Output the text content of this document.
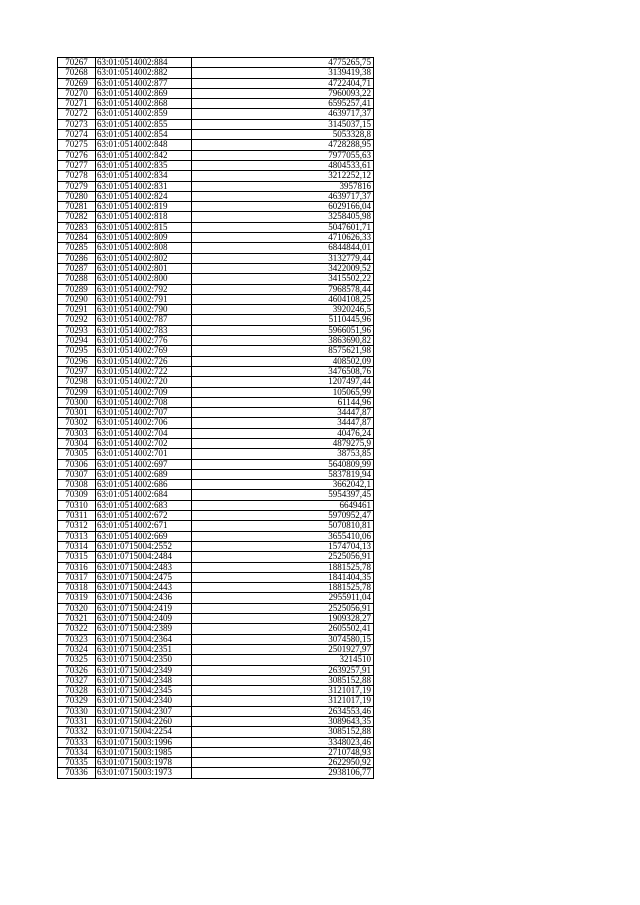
70267	63:01:0514002:884	4775265,75
70268	63:01:0514002:882	3139419,38
70269	63:01:0514002:877	4722404,71
70270	63:01:0514002:869	7960093,22
70271	63:01:0514002:868	6595257,41
70272	63:01:0514002:859	4639717,37
70273	63:01:0514002:855	3145037,15
70274	63:01:0514002:854	5053328,8
70275	63:01:0514002:848	4728288,95
70276	63:01:0514002:842	7977055,63
70277	63:01:0514002:835	4804533,61
70278	63:01:0514002:834	3212252,12
70279	63:01:0514002:831	3957816
70280	63:01:0514002:824	4639717,37
70281	63:01:0514002:819	6029166,04
70282	63:01:0514002:818	3258405,98
70283	63:01:0514002:815	5047601,71
70284	63:01:0514002:809	4710626,33
70285	63:01:0514002:808	6844844,01
70286	63:01:0514002:802	3132779,44
70287	63:01:0514002:801	3422009,52
70288	63:01:0514002:800	3415502,22
70289	63:01:0514002:792	7968578,44
70290	63:01:0514002:791	4604108,25
70291	63:01:0514002:790	3920246,5
70292	63:01:0514002:787	5110445,96
70293	63:01:0514002:783	5966051,96
70294	63:01:0514002:776	3863690,82
70295	63:01:0514002:769	8575621,98
70296	63:01:0514002:726	408502,09
70297	63:01:0514002:722	3476508,76
70298	63:01:0514002:720	1207497,44
70299	63:01:0514002:709	105065,99
70300	63:01:0514002:708	61144,96
70301	63:01:0514002:707	34447,87
70302	63:01:0514002:706	34447,87
70303	63:01:0514002:704	40476,24
70304	63:01:0514002:702	4879275,9
70305	63:01:0514002:701	38753,85
70306	63:01:0514002:697	5640809,99
70307	63:01:0514002:689	5837819,94
70308	63:01:0514002:686	3662042,1
70309	63:01:0514002:684	5954397,45
70310	63:01:0514002:683	6649461
70311	63:01:0514002:672	5970952,47
70312	63:01:0514002:671	5070810,81
70313	63:01:0514002:669	3655410,06
70314	63:01:0715004:2552	1574704,13
70315	63:01:0715004:2484	2525056,91
70316	63:01:0715004:2483	1881525,78
70317	63:01:0715004:2475	1841404,35
70318	63:01:0715004:2443	1881525,78
70319	63:01:0715004:2436	2955911,04
70320	63:01:0715004:2419	2525056,91
70321	63:01:0715004:2409	1909328,27
70322	63:01:0715004:2389	2605502,41
70323	63:01:0715004:2364	3074580,15
70324	63:01:0715004:2351	2501927,97
70325	63:01:0715004:2350	3214510
70326	63:01:0715004:2349	2639257,91
70327	63:01:0715004:2348	3085152,88
70328	63:01:0715004:2345	3121017,19
70329	63:01:0715004:2340	3121017,19
70330	63:01:0715004:2307	2634553,46
70331	63:01:0715004:2260	3089643,35
70332	63:01:0715004:2254	3085152,88
70333	63:01:0715003:1996	3348023,46
70334	63:01:0715003:1985	2710748,93
70335	63:01:0715003:1978	2622950,92
70336	63:01:0715003:1973	2938106,77
